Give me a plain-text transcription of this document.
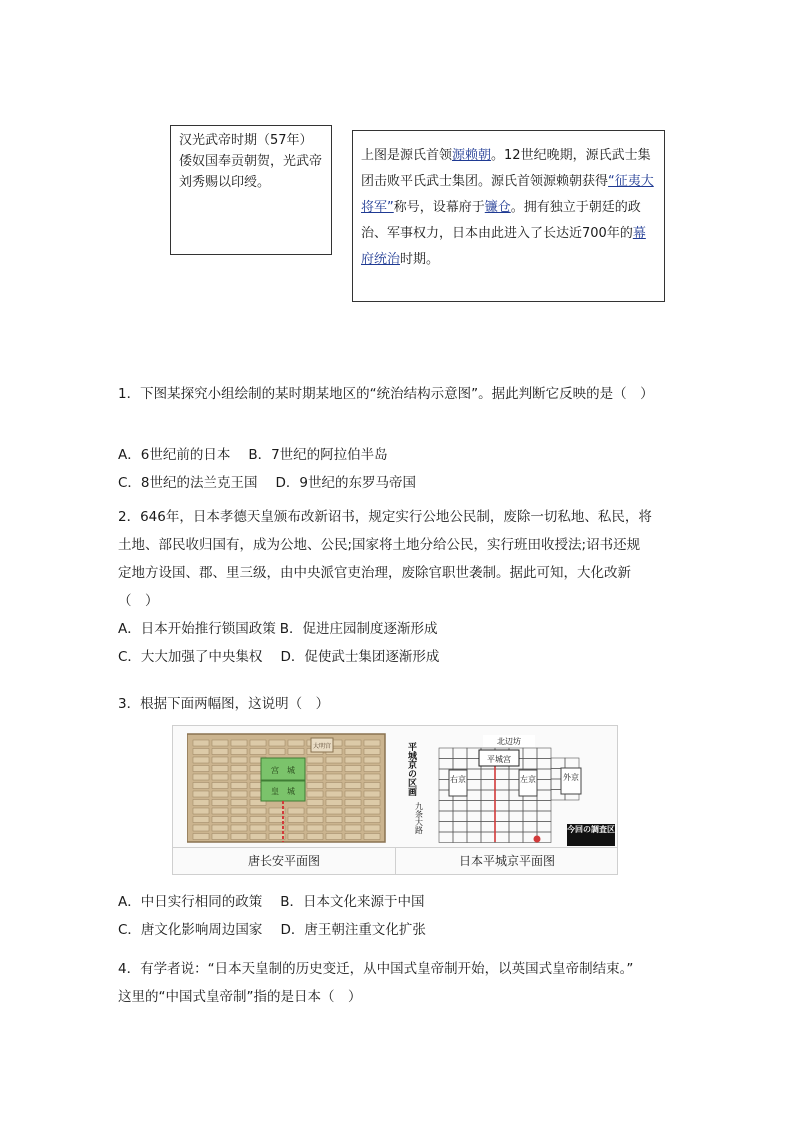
汉光武帝时期（57年）倭奴国奉贡朝贺，光武帝刘秀赐以印绶。
上图是源氏首领源赖朝。12世纪晚期，源氏武士集团击败平氏武士集团。源氏首领源赖朝获得“征夷大将军”称号，设幕府于镰仓。拥有独立于朝廷的政治、军事权力，日本由此进入了长达近700年的幕府统治时期。

1．下图某探究小组绘制的某时期某地区的“统治结构示意图”。据此判断它反映的是（　）

A．6世纪前的日本 B．7世纪的阿拉伯半岛

C．8世纪的法兰克王国 D．9世纪的东罗马帝国

2．646年，日本孝德天皇颁布改新诏书，规定实行公地公民制，废除一切私地、私民，将

土地、部民收归国有，成为公地、公民;国家将土地分给公民，实行班田收授法;诏书还规

定地方设国、郡、里三级，由中央派官吏治理，废除官职世袭制。据此可知，大化改新

（　）

A．日本开始推行锁国政策 B．促进庄园制度逐渐形成

C．大大加强了中央集权 D．促使武士集团逐渐形成

3．根据下面两幅图，这说明（　）

宫　城
皇　城
大明宫
唐长安平面图
平城京の区画
九条大路
平城宫
北辺坊
右京	左京	外京
今回の調査区
日本平城京平面图

A．中日实行相同的政策 B．日本文化来源于中国

C．唐文化影响周边国家 D．唐王朝注重文化扩张

4．有学者说：“日本天皇制的历史变迁，从中国式皇帝制开始，以英国式皇帝制结束。”

这里的“中国式皇帝制”指的是日本（　）
